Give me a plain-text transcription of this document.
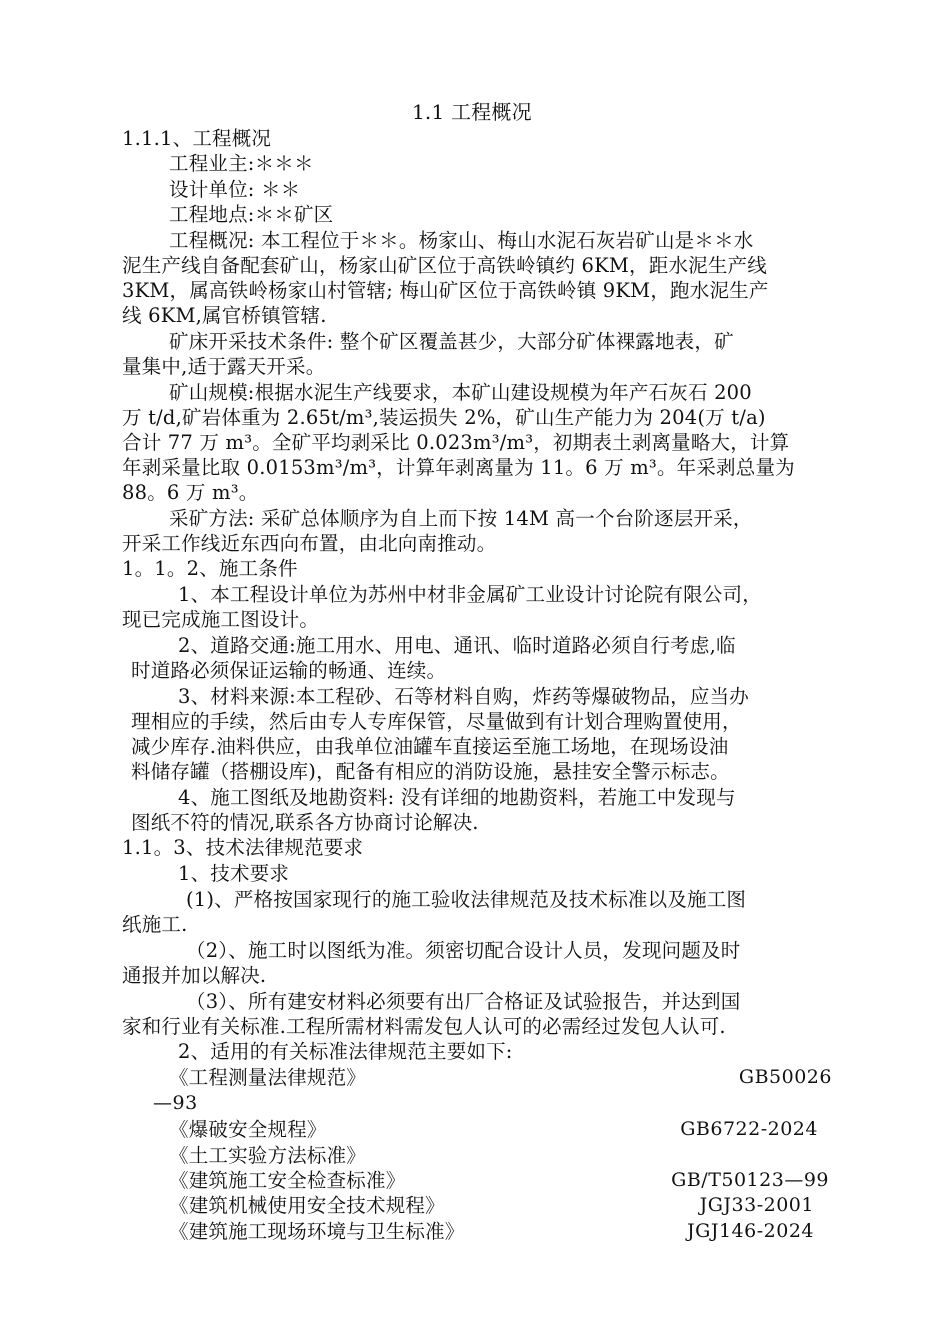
1.1 工程概况
1.1.1、工程概况
工程业主:＊＊＊
设计单位: ＊＊
工程地点:＊＊矿区
工程概况: 本工程位于＊＊。杨家山、梅山水泥石灰岩矿山是＊＊水
泥生产线自备配套矿山，杨家山矿区位于高铁岭镇约 6KM，距水泥生产线
3KM，属高铁岭杨家山村管辖; 梅山矿区位于高铁岭镇 9KM，跑水泥生产
线 6KM,属官桥镇管辖.
矿床开采技术条件: 整个矿区覆盖甚少，大部分矿体裸露地表，矿
量集中,适于露天开采。
矿山规模:根据水泥生产线要求，本矿山建设规模为年产石灰石 200
万 t/d,矿岩体重为 2.65t/m³,装运损失 2%，矿山生产能力为 204(万 t/a)
合计 77 万 m³。全矿平均剥采比 0.023m³/m³，初期表土剥离量略大，计算
年剥采量比取 0.0153m³/m³，计算年剥离量为 11。6 万 m³。年采剥总量为
88。6 万 m³。
采矿方法: 采矿总体顺序为自上而下按 14M 高一个台阶逐层开采，
开采工作线近东西向布置，由北向南推动。
1。1。2、施工条件
1、本工程设计单位为苏州中材非金属矿工业设计讨论院有限公司，
现已完成施工图设计。
2、道路交通:施工用水、用电、通讯、临时道路必须自行考虑,临
时道路必须保证运输的畅通、连续。
3、材料来源:本工程砂、石等材料自购，炸药等爆破物品，应当办
理相应的手续，然后由专人专库保管，尽量做到有计划合理购置使用，
减少库存.油料供应，由我单位油罐车直接运至施工场地，在现场设油
料储存罐（搭棚设库)，配备有相应的消防设施，悬挂安全警示标志。
4、施工图纸及地勘资料: 没有详细的地勘资料，若施工中发现与
图纸不符的情况,联系各方协商讨论解决.
1.1。3、技术法律规范要求
1、技术要求
(1)、严格按国家现行的施工验收法律规范及技术标准以及施工图
纸施工.
（2）、施工时以图纸为准。须密切配合设计人员，发现问题及时
通报并加以解决.
（3）、所有建安材料必须要有出厂合格证及试验报告，并达到国
家和行业有关标准.工程所需材料需发包人认可的必需经过发包人认可.
2、适用的有关标准法律规范主要如下:
《工程测量法律规范》	GB50026
—93
《爆破安全规程》	GB6722-2024
《土工实验方法标准》
《建筑施工安全检查标准》	GB/T50123—99
《建筑机械使用安全技术规程》	JGJ33-2001
《建筑施工现场环境与卫生标准》	JGJ146-2024
